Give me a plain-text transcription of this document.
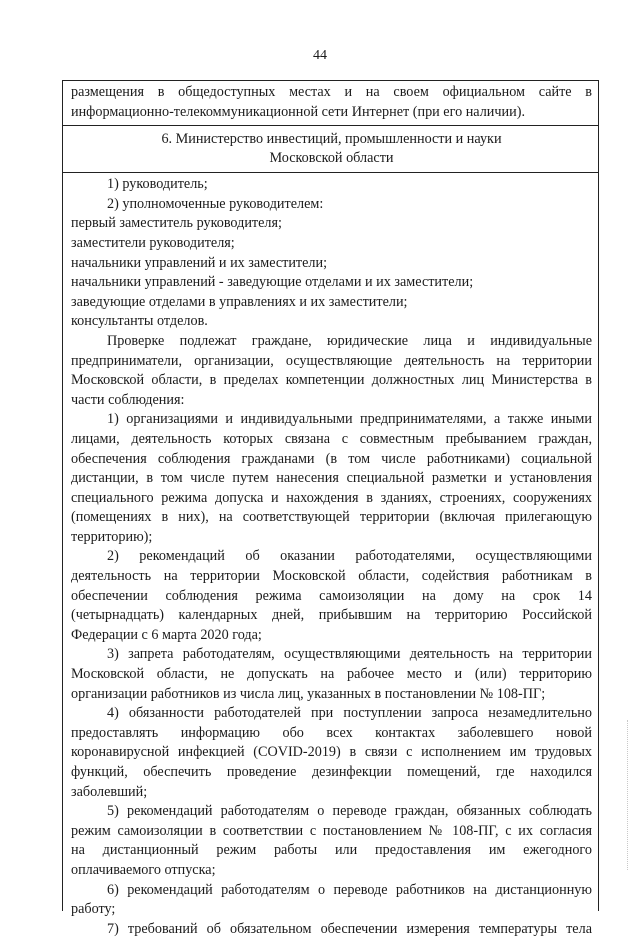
44
размещения в общедоступных местах и на своем официальном сайте в
информационно-телекоммуникационной сети Интернет (при его наличии).
6. Министерство инвестиций, промышленности и науки
Московской области
1) руководитель;
2) уполномоченные руководителем:
первый заместитель руководителя;
заместители руководителя;
начальники управлений и их заместители;
начальники управлений - заведующие отделами и их заместители;
заведующие отделами в управлениях и их заместители;
консультанты отделов.
Проверке подлежат граждане, юридические лица и индивидуальные
предприниматели, организации, осуществляющие деятельность на территории
Московской области, в пределах компетенции должностных лиц Министерства в
части соблюдения:
1) организациями и индивидуальными предпринимателями, а также иными
лицами, деятельность которых связана с совместным пребыванием граждан,
обеспечения соблюдения гражданами (в том числе работниками) социальной
дистанции, в том числе путем нанесения специальной разметки и установления
специального режима допуска и нахождения в зданиях, строениях, сооружениях
(помещениях в них), на соответствующей территории (включая прилегающую
территорию);
2) рекомендаций об оказании работодателями, осуществляющими
деятельность на территории Московской области, содействия работникам в
обеспечении соблюдения режима самоизоляции на дому на срок 14
(четырнадцать) календарных дней, прибывшим на территорию Российской
Федерации с 6 марта 2020 года;
3) запрета работодателям, осуществляющими деятельность на территории
Московской области, не допускать на рабочее место и (или) территорию
организации работников из числа лиц, указанных в постановлении № 108-ПГ;
4) обязанности работодателей при поступлении запроса незамедлительно
предоставлять информацию обо всех контактах заболевшего новой
коронавирусной инфекцией (COVID-2019) в связи с исполнением им трудовых
функций, обеспечить проведение дезинфекции помещений, где находился
заболевший;
5) рекомендаций работодателям о переводе граждан, обязанных соблюдать
режим самоизоляции в соответствии с постановлением № 108-ПГ, с их согласия
на дистанционный режим работы или предоставления им ежегодного
оплачиваемого отпуска;
6) рекомендаций работодателям о переводе работников на дистанционную
работу;
7) требований об обязательном обеспечении измерения температуры тела
